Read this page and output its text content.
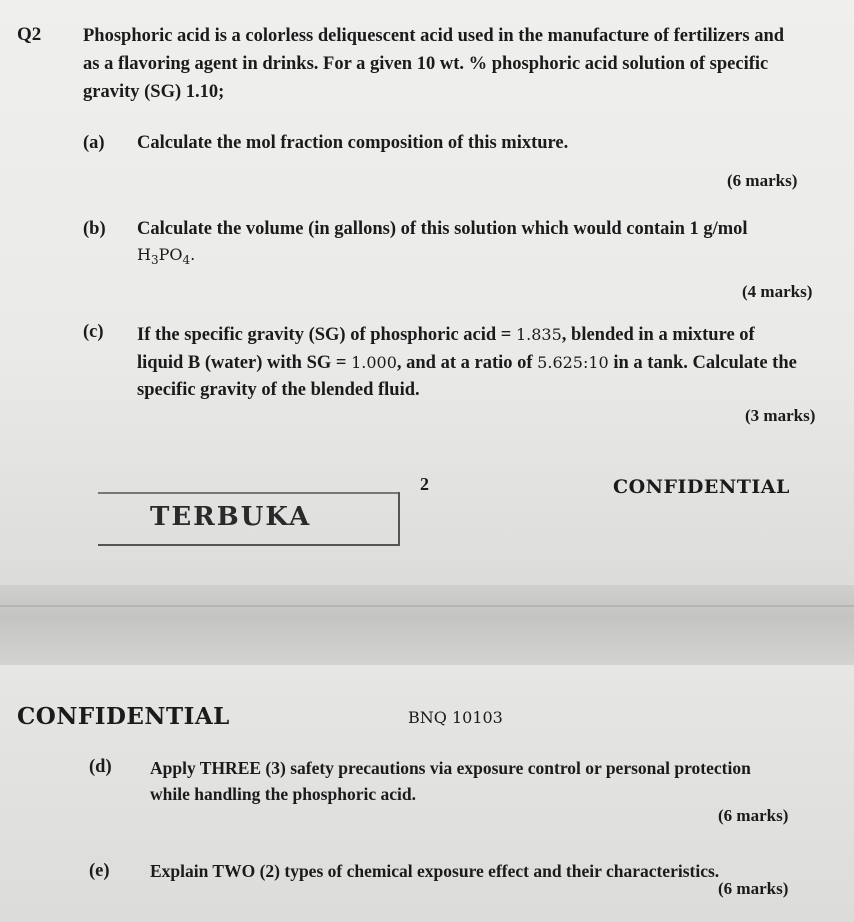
Q2 Phosphoric acid is a colorless deliquescent acid used in the manufacture of fertilizers and
as a flavoring agent in drinks. For a given 10 wt. % phosphoric acid solution of specific
gravity (SG) 1.10;
(a) Calculate the mol fraction composition of this mixture.
(6 marks)
(b) Calculate the volume (in gallons) of this solution which would contain 1 g/mol
$H_3PO_4$.
(4 marks)
(c) If the specific gravity (SG) of phosphoric acid = 1.835, blended in a mixture of
liquid B (water) with SG = 1.000, and at a ratio of 5.625:10 in a tank. Calculate the
specific gravity of the blended fluid.
(3 marks)
2	CONFIDENTIAL
TERBUKA
CONFIDENTIAL	BNQ 10103
(d) Apply THREE (3) safety precautions via exposure control or personal protection
while handling the phosphoric acid.
(6 marks)
(e) Explain TWO (2) types of chemical exposure effect and their characteristics.
(6 marks)
